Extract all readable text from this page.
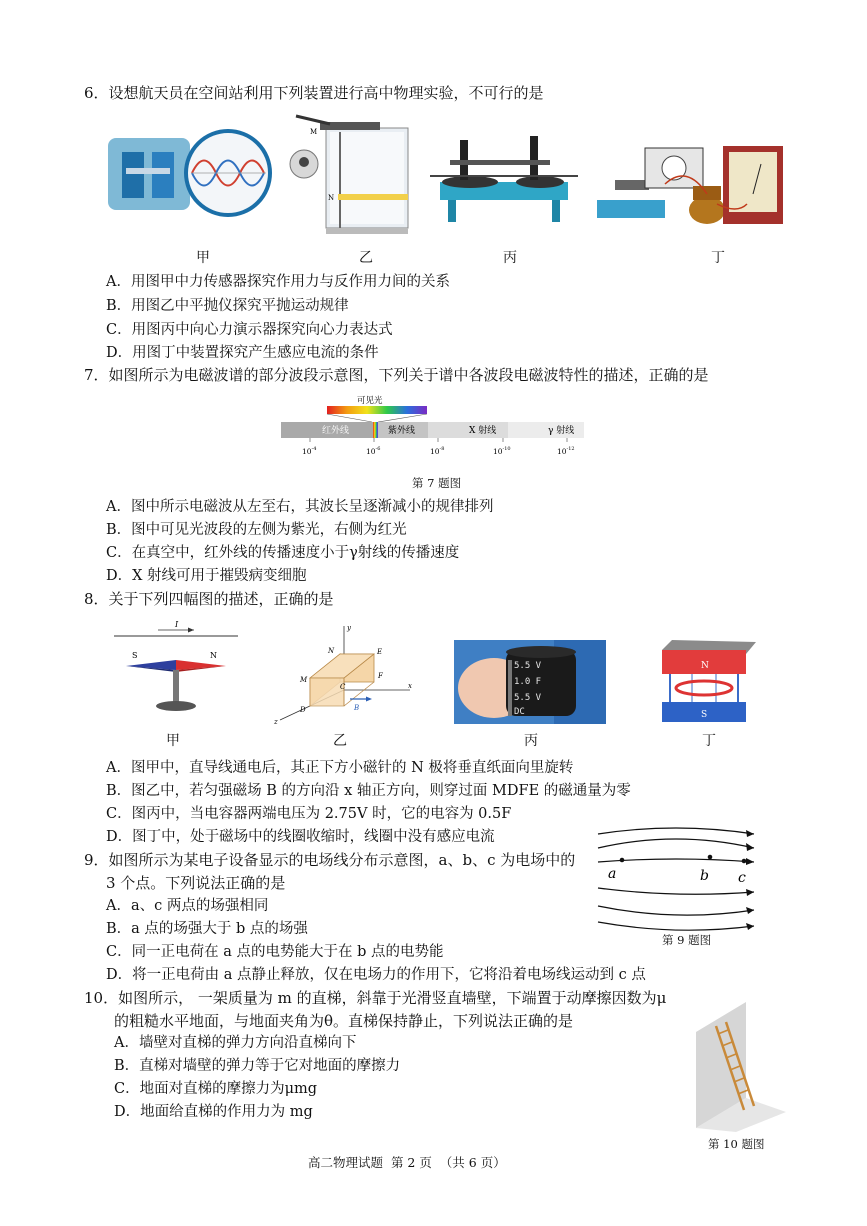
6．设想航天员在空间站利用下列装置进行高中物理实验，不可行的是
M
N
甲	乙	丙	丁
A．用图甲中力传感器探究作用力与反作用力间的关系
B．用图乙中平抛仪探究平抛运动规律
C．用图丙中向心力演示器探究向心力表达式
D．用图丁中装置探究产生感应电流的条件
7．如图所示为电磁波谱的部分波段示意图，下列关于谱中各波段电磁波特性的描述，正确的是
可见光
红外线	紫外线	X 射线	γ 射线
$10^{-4}$	$10^{-6}$	$10^{-8}$	$10^{-10}$	$10^{-12}$
第 7 题图
A．图中所示电磁波从左至右，其波长呈逐渐减小的规律排列
B．图中可见光波段的左侧为紫光，右侧为红光
C．在真空中，红外线的传播速度小于γ射线的传播速度
D．X 射线可用于摧毁病变细胞
8．关于下列四幅图的描述，正确的是
I
S	N
y
x
z
N	E
F
M
C
D	B
5.5 V
1.0 F
5.5 V
DC
N
S
甲	乙	丙	丁
A．图甲中，直导线通电后，其正下方小磁针的 N 极将垂直纸面向里旋转
B．图乙中，若匀强磁场 B 的方向沿 x 轴正方向，则穿过面 MDFE 的磁通量为零
C．图丙中，当电容器两端电压为 2.75V 时，它的电容为 0.5F
D．图丁中，处于磁场中的线圈收缩时，线圈中没有感应电流
9．如图所示为某电子设备显示的电场线分布示意图，a、b、c 为电场中的
3 个点。下列说法正确的是	a	b c
第 9 题图
A．a、c 两点的场强相同
B．a 点的场强大于 b 点的场强
C．同一正电荷在 a 点的电势能大于在 b 点的电势能
D．将一正电荷由 a 点静止释放，仅在电场力的作用下，它将沿着电场线运动到 c 点
10．如图所示， 一架质量为 m 的直梯，斜靠于光滑竖直墙壁，下端置于动摩擦因数为μ
的粗糙水平地面，与地面夹角为θ。直梯保持静止，下列说法正确的是
第 10 题图
A．墙壁对直梯的弹力方向沿直梯向下
B．直梯对墙壁的弹力等于它对地面的摩擦力
C．地面对直梯的摩擦力为μmg
D．地面给直梯的作用力为 mg
高二物理试题  第 2 页  （共 6 页）
